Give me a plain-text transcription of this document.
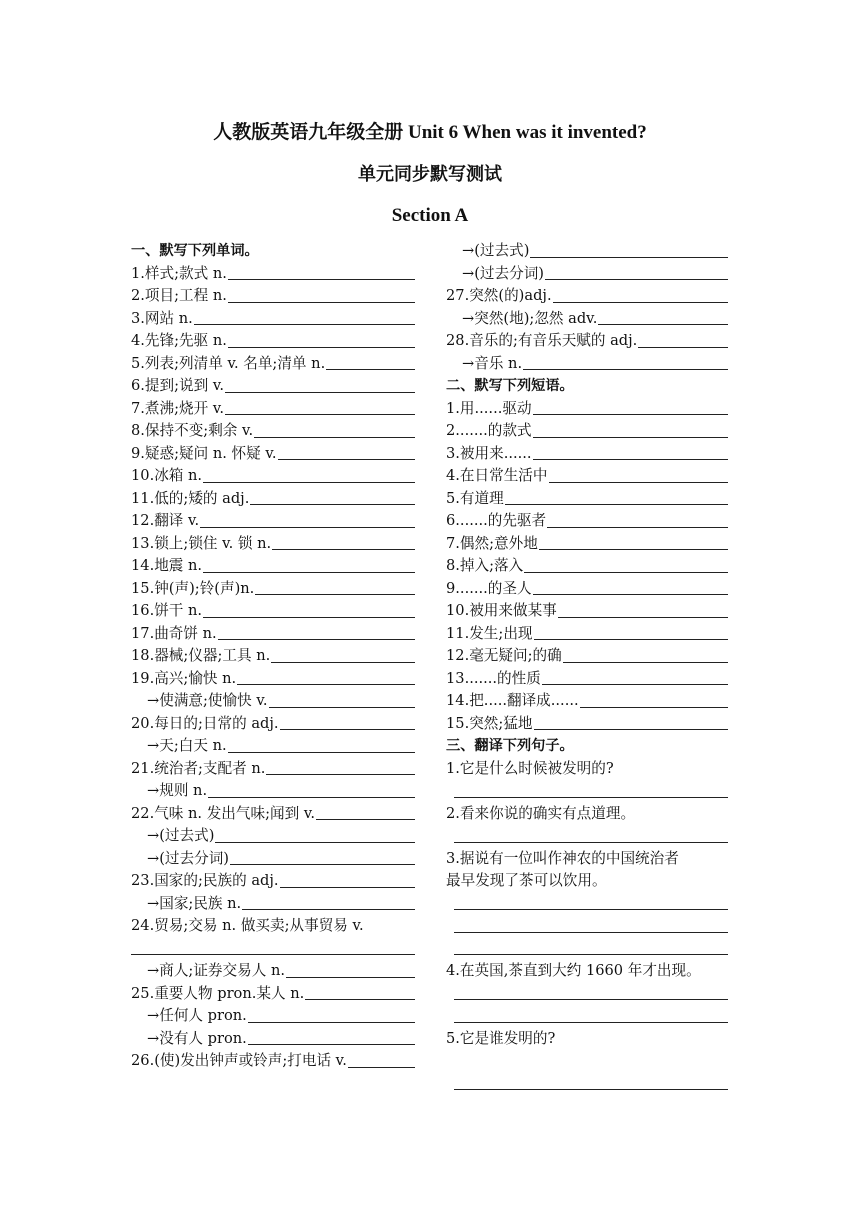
人教版英语九年级全册 Unit 6 When was it invented?
单元同步默写测试
Section A
一、默写下列单词。
1.样式;款式 n.
2.项目;工程 n.
3.网站 n.
4.先锋;先驱 n.
5.列表;列清单 v. 名单;清单 n.
6.提到;说到 v.
7.煮沸;烧开 v.
8.保持不变;剩余 v.
9.疑惑;疑问 n. 怀疑 v.
10.冰箱 n.
11.低的;矮的 adj.
12.翻译 v.
13.锁上;锁住 v. 锁 n.
14.地震 n.
15.钟(声);铃(声)n.
16.饼干 n.
17.曲奇饼 n.
18.器械;仪器;工具 n.
19.高兴;愉快 n.
→使满意;使愉快 v.
20.每日的;日常的 adj.
→天;白天 n.
21.统治者;支配者 n.
→规则 n.
22.气味 n. 发出气味;闻到 v.
→(过去式)
→(过去分词)
23.国家的;民族的 adj.
→国家;民族 n.
24.贸易;交易 n. 做买卖;从事贸易 v.
→商人;证券交易人 n.
25.重要人物 pron.某人 n.
→任何人 pron.
→没有人 pron.
26.(使)发出钟声或铃声;打电话 v.
→(过去式)
→(过去分词)
27.突然(的)adj.
→突然(地);忽然 adv.
28.音乐的;有音乐天赋的 adj.
→音乐 n.
二、默写下列短语。
1.用......驱动
2.......的款式
3.被用来......
4.在日常生活中
5.有道理
6.......的先驱者
7.偶然;意外地
8.掉入;落入
9.......的圣人
10.被用来做某事
11.发生;出现
12.毫无疑问;的确
13.......的性质
14.把.....翻译成......
15.突然;猛地
三、翻译下列句子。
1.它是什么时候被发明的?
2.看来你说的确实有点道理。
3.据说有一位叫作神农的中国统治者
最早发现了茶可以饮用。
4.在英国,茶直到大约 1660 年才出现。
5.它是谁发明的?
